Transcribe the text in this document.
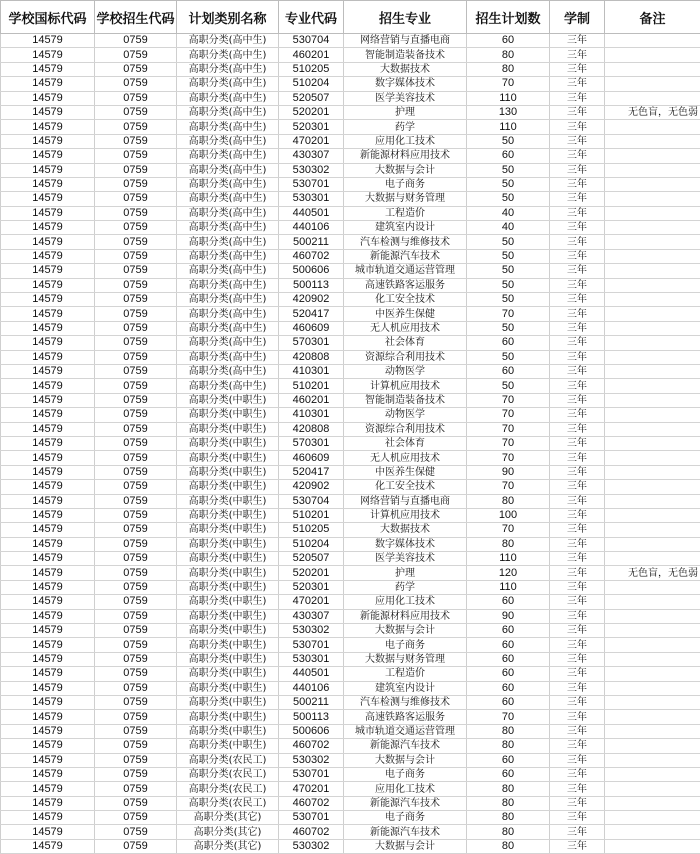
学校国标代码	学校招生代码	计划类别名称	专业代码	招生专业	招生计划数	学制	备注
14579	0759	高职分类(高中生)	530704	网络营销与直播电商	60	三年	
14579	0759	高职分类(高中生)	460201	智能制造装备技术	80	三年	
14579	0759	高职分类(高中生)	510205	大数据技术	80	三年	
14579	0759	高职分类(高中生)	510204	数字媒体技术	70	三年	
14579	0759	高职分类(高中生)	520507	医学美容技术	110	三年	
14579	0759	高职分类(高中生)	520201	护理	130	三年	无色盲，无色弱
14579	0759	高职分类(高中生)	520301	药学	110	三年	
14579	0759	高职分类(高中生)	470201	应用化工技术	50	三年	
14579	0759	高职分类(高中生)	430307	新能源材料应用技术	60	三年	
14579	0759	高职分类(高中生)	530302	大数据与会计	50	三年	
14579	0759	高职分类(高中生)	530701	电子商务	50	三年	
14579	0759	高职分类(高中生)	530301	大数据与财务管理	50	三年	
14579	0759	高职分类(高中生)	440501	工程造价	40	三年	
14579	0759	高职分类(高中生)	440106	建筑室内设计	40	三年	
14579	0759	高职分类(高中生)	500211	汽车检测与维修技术	50	三年	
14579	0759	高职分类(高中生)	460702	新能源汽车技术	50	三年	
14579	0759	高职分类(高中生)	500606	城市轨道交通运营管理	50	三年	
14579	0759	高职分类(高中生)	500113	高速铁路客运服务	50	三年	
14579	0759	高职分类(高中生)	420902	化工安全技术	50	三年	
14579	0759	高职分类(高中生)	520417	中医养生保健	70	三年	
14579	0759	高职分类(高中生)	460609	无人机应用技术	50	三年	
14579	0759	高职分类(高中生)	570301	社会体育	60	三年	
14579	0759	高职分类(高中生)	420808	资源综合利用技术	50	三年	
14579	0759	高职分类(高中生)	410301	动物医学	60	三年	
14579	0759	高职分类(高中生)	510201	计算机应用技术	50	三年	
14579	0759	高职分类(中职生)	460201	智能制造装备技术	70	三年	
14579	0759	高职分类(中职生)	410301	动物医学	70	三年	
14579	0759	高职分类(中职生)	420808	资源综合利用技术	70	三年	
14579	0759	高职分类(中职生)	570301	社会体育	70	三年	
14579	0759	高职分类(中职生)	460609	无人机应用技术	70	三年	
14579	0759	高职分类(中职生)	520417	中医养生保健	90	三年	
14579	0759	高职分类(中职生)	420902	化工安全技术	70	三年	
14579	0759	高职分类(中职生)	530704	网络营销与直播电商	80	三年	
14579	0759	高职分类(中职生)	510201	计算机应用技术	100	三年	
14579	0759	高职分类(中职生)	510205	大数据技术	70	三年	
14579	0759	高职分类(中职生)	510204	数字媒体技术	80	三年	
14579	0759	高职分类(中职生)	520507	医学美容技术	110	三年	
14579	0759	高职分类(中职生)	520201	护理	120	三年	无色盲，无色弱
14579	0759	高职分类(中职生)	520301	药学	110	三年	
14579	0759	高职分类(中职生)	470201	应用化工技术	60	三年	
14579	0759	高职分类(中职生)	430307	新能源材料应用技术	90	三年	
14579	0759	高职分类(中职生)	530302	大数据与会计	60	三年	
14579	0759	高职分类(中职生)	530701	电子商务	60	三年	
14579	0759	高职分类(中职生)	530301	大数据与财务管理	60	三年	
14579	0759	高职分类(中职生)	440501	工程造价	60	三年	
14579	0759	高职分类(中职生)	440106	建筑室内设计	60	三年	
14579	0759	高职分类(中职生)	500211	汽车检测与维修技术	60	三年	
14579	0759	高职分类(中职生)	500113	高速铁路客运服务	70	三年	
14579	0759	高职分类(中职生)	500606	城市轨道交通运营管理	80	三年	
14579	0759	高职分类(中职生)	460702	新能源汽车技术	80	三年	
14579	0759	高职分类(农民工)	530302	大数据与会计	60	三年	
14579	0759	高职分类(农民工)	530701	电子商务	60	三年	
14579	0759	高职分类(农民工)	470201	应用化工技术	80	三年	
14579	0759	高职分类(农民工)	460702	新能源汽车技术	80	三年	
14579	0759	高职分类(其它)	530701	电子商务	80	三年	
14579	0759	高职分类(其它)	460702	新能源汽车技术	80	三年	
14579	0759	高职分类(其它)	530302	大数据与会计	80	三年	
